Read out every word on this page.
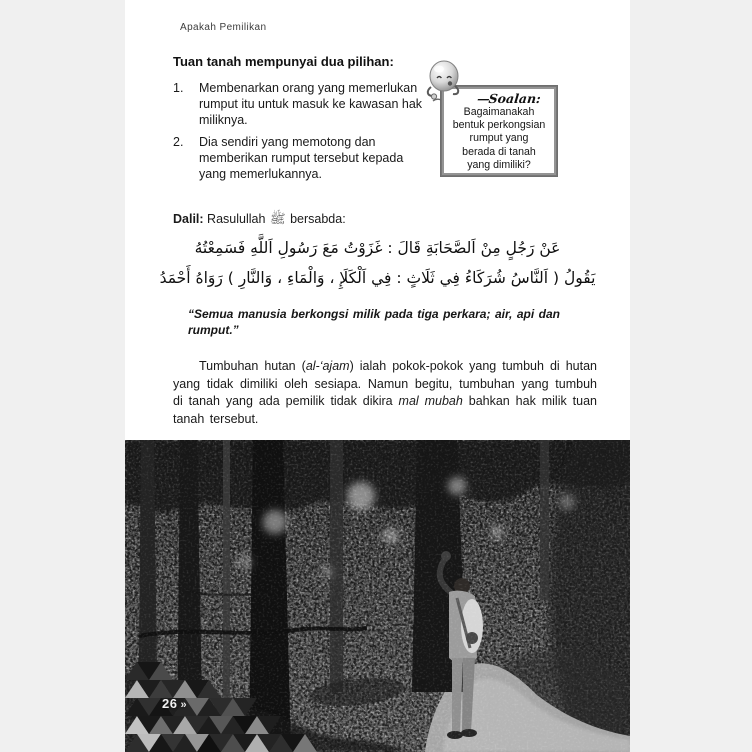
Apakah Pemilikan
Tuan tanah mempunyai dua pilihan:
1. Membenarkan orang yang memerlukan rumput itu untuk masuk ke kawasan hak miliknya.
2. Dia sendiri yang memotong dan memberikan rumput tersebut kepada yang memerlukannya.
—Soalan:
Bagaimanakah
bentuk perkongsian
rumput yang
berada di tanah
yang dimiliki?
Dalil: Rasulullah ﷺ bersabda:
عَنْ رَجُلٍ مِنْ اَلصَّحَابَةِ قَالَ : غَزَوْتُ مَعَ رَسُولِ اَللَّهِ فَسَمِعْتُهُ
يَقُولُ ( اَلنَّاسُ شُرَكَاءُ فِي ثَلَاثٍ : فِي اَلْكَلَإِ ، وَالْمَاءِ ، وَالنَّارِ ) رَوَاهُ أَحْمَدُ
“Semua manusia berkongsi milik pada tiga perkara; air, api dan rumput.”
Tumbuhan hutan (al-‘ajam) ialah pokok-pokok yang tumbuh di hutan yang tidak dimiliki oleh sesiapa. Namun begitu, tumbuhan yang tumbuh di tanah yang ada pemilik tidak dikira mal mubah bahkan hak milik tuan tanah tersebut.
26 »
